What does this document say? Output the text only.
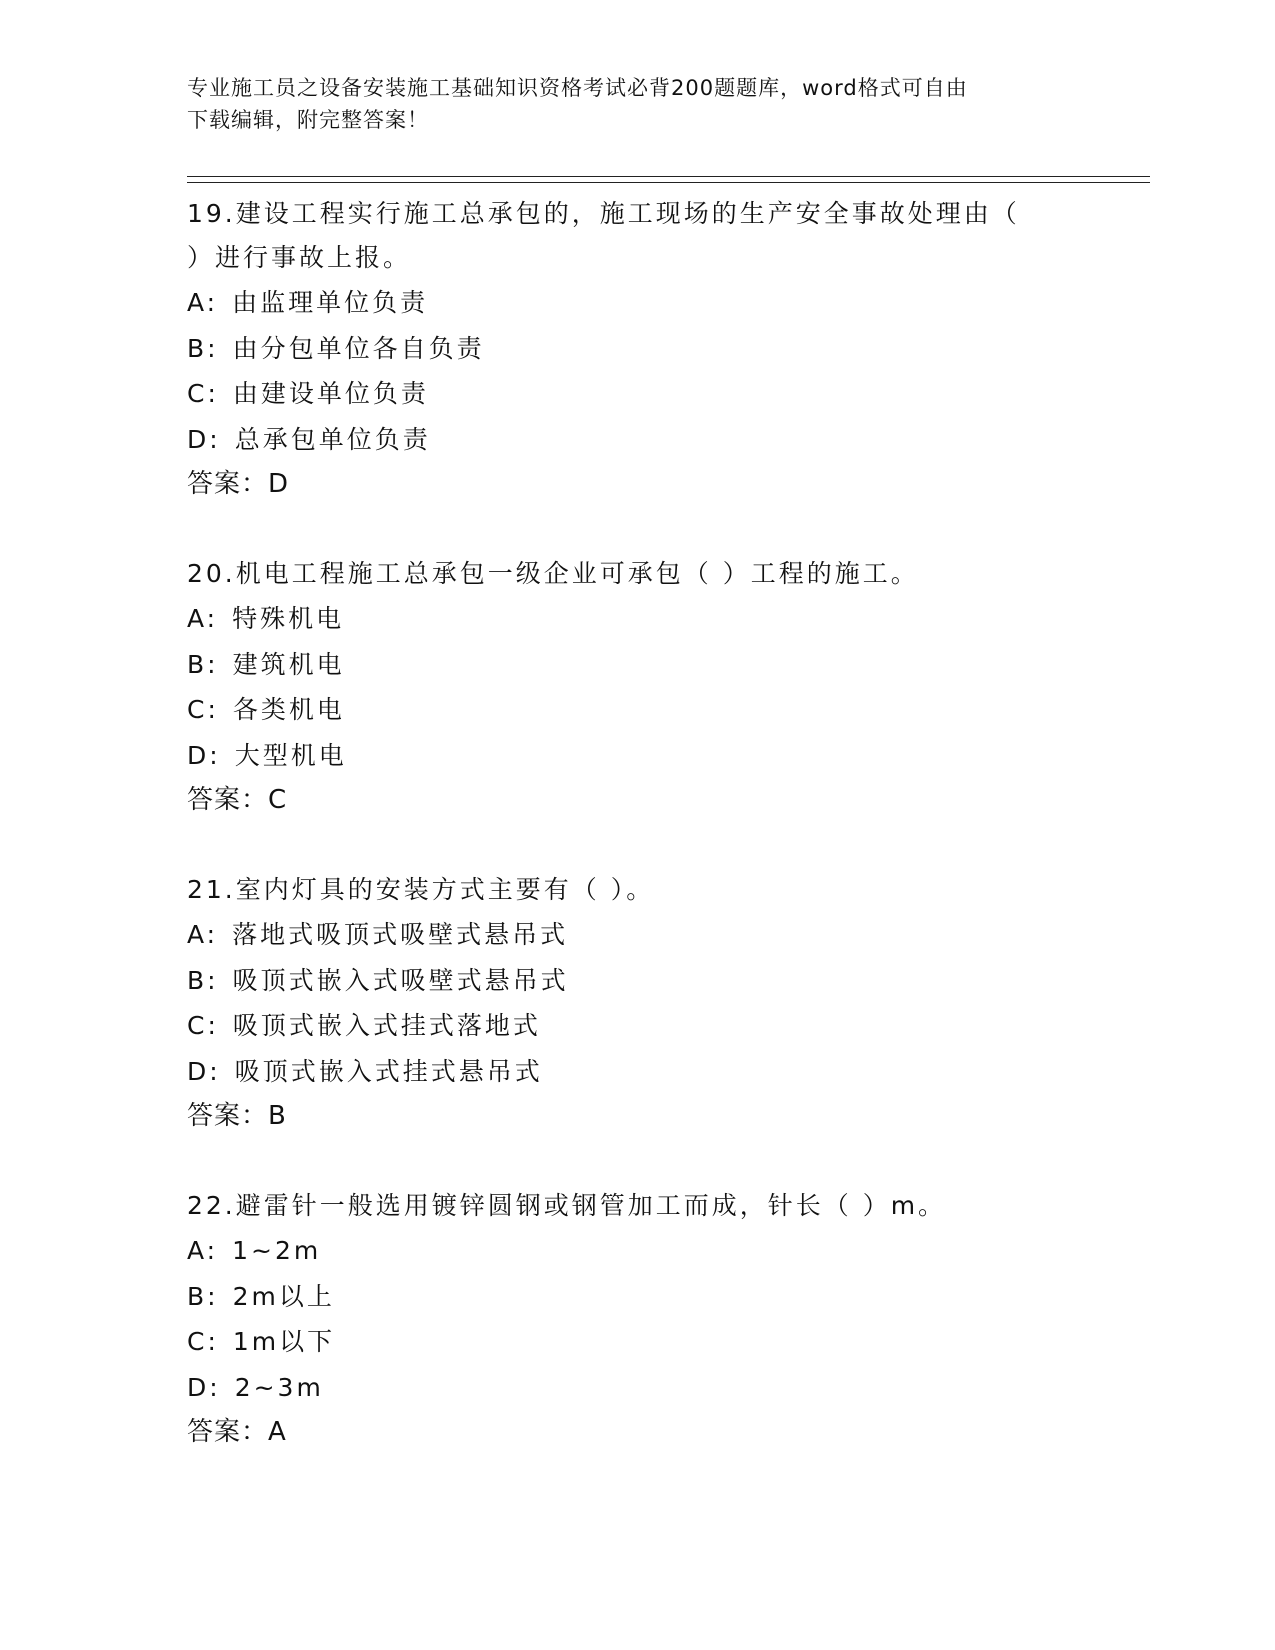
专业施工员之设备安装施工基础知识资格考试必背200题题库，word格式可自由
下载编辑，附完整答案！
19.建设工程实行施工总承包的，施工现场的生产安全事故处理由（
）进行事故上报。
A: 由监理单位负责
B: 由分包单位各自负责
C: 由建设单位负责
D: 总承包单位负责
答案：D
20.机电工程施工总承包一级企业可承包（ ）工程的施工。
A: 特殊机电
B: 建筑机电
C: 各类机电
D: 大型机电
答案：C
21.室内灯具的安装方式主要有（ ）。
A: 落地式吸顶式吸壁式悬吊式
B: 吸顶式嵌入式吸壁式悬吊式
C: 吸顶式嵌入式挂式落地式
D: 吸顶式嵌入式挂式悬吊式
答案：B
22.避雷针一般选用镀锌圆钢或钢管加工而成，针长（ ）m。
A: 1~2m
B: 2m以上
C: 1m以下
D: 2~3m
答案：A
